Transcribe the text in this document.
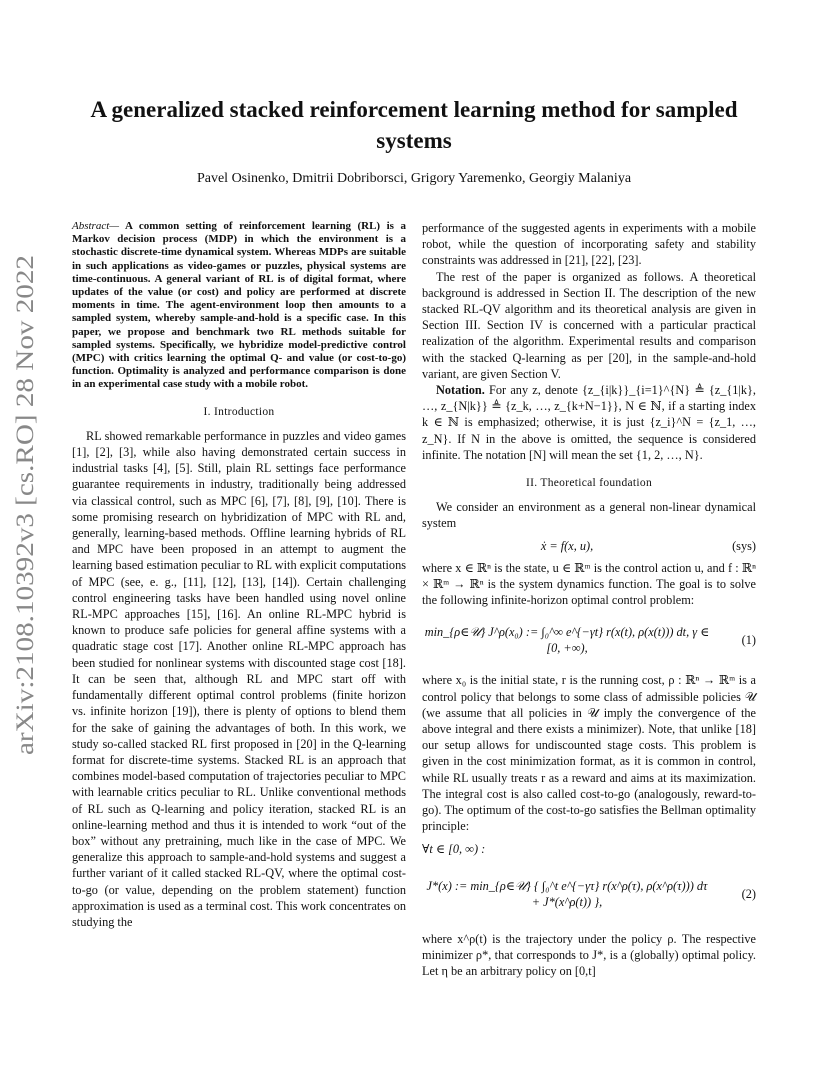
arXiv:2108.10392v3 [cs.RO] 28 Nov 2022
A generalized stacked reinforcement learning method for sampled
systems
Pavel Osinenko, Dmitrii Dobriborsci, Grigory Yaremenko, Georgiy Malaniya
Abstract— A common setting of reinforcement learning (RL) is a Markov decision process (MDP) in which the environment is a stochastic discrete-time dynamical system. Whereas MDPs are suitable in such applications as video-games or puzzles, physical systems are time-continuous. A general variant of RL is of digital format, where updates of the value (or cost) and policy are performed at discrete moments in time. The agent-environment loop then amounts to a sampled system, whereby sample-and-hold is a specific case. In this paper, we propose and benchmark two RL methods suitable for sampled systems. Specifically, we hybridize model-predictive control (MPC) with critics learning the optimal Q- and value (or cost-to-go) function. Optimality is analyzed and performance comparison is done in an experimental case study with a mobile robot.
I. Introduction

RL showed remarkable performance in puzzles and video games [1], [2], [3], while also having demonstrated certain success in industrial tasks [4], [5]. Still, plain RL settings face performance guarantee requirements in industry, traditionally being addressed via classical control, such as MPC [6], [7], [8], [9], [10]. There is some promising research on hybridization of MPC with RL and, generally, learning-based methods. Offline learning hybrids of RL and MPC have been proposed in an attempt to augment the learning based estimation peculiar to RL with explicit computations of MPC (see, e. g., [11], [12], [13], [14]). Certain challenging control engineering tasks have been handled using novel online RL-MPC approaches [15], [16]. An online RL-MPC hybrid is known to produce safe policies for general affine systems with a quadratic stage cost [17]. Another online RL-MPC approach has been studied for nonlinear systems with discounted stage cost [18]. It can be seen that, although RL and MPC start off with fundamentally different optimal control problems (finite horizon vs. infinite horizon [19]), there is plenty of options to blend them for the sake of gaining the advantages of both. In this work, we study so-called stacked RL first proposed in [20] in the Q-learning format for discrete-time systems. Stacked RL is an approach that combines model-based computation of trajectories peculiar to MPC with learnable critics peculiar to RL. Unlike conventional methods of RL such as Q-learning and policy iteration, stacked RL is an online-learning method and thus it is intended to work “out of the box” without any pretraining, much like in the case of MPC. We generalize this approach to sample-and-hold systems and suggest a further variant of it called stacked RL-QV, where the optimal cost-to-go (or value, depending on the problem statement) function approximation is used as a terminal cost. This work concentrates on studying the

performance of the suggested agents in experiments with a mobile robot, while the question of incorporating safety and stability constraints was addressed in [21], [22], [23].

The rest of the paper is organized as follows. A theoretical background is addressed in Section II. The description of the new stacked RL-QV algorithm and its theoretical analysis are given in Section III. Section IV is concerned with a particular practical realization of the algorithm. Experimental results and comparison with the stacked Q-learning as per [20], in the sample-and-hold variant, are given Section V.

Notation. For any z, denote {z_{i|k}}_{i=1}^{N} ≜ {z_{1|k}, …, z_{N|k}} ≜ {z_k, …, z_{k+N−1}}, N ∈ ℕ, if a starting index k ∈ ℕ is emphasized; otherwise, it is just {z_i}^N = {z_1, …, z_N}. If N in the above is omitted, the sequence is considered infinite. The notation [N] will mean the set {1, 2, …, N}.

II. Theoretical foundation

We consider an environment as a general non-linear dynamical system

ẋ = f(x, u),	(sys)

where x ∈ ℝⁿ is the state, u ∈ ℝᵐ is the control action u, and f : ℝⁿ × ℝᵐ → ℝⁿ is the system dynamics function. The goal is to solve the following infinite-horizon optimal control problem:

min_{ρ∈𝒰} J^ρ(x₀) := ∫₀^∞ e^{−γt} r(x(t), ρ(x(t))) dt, γ ∈ [0, +∞),
(1)

where x₀ is the initial state, r is the running cost, ρ : ℝⁿ → ℝᵐ is a control policy that belongs to some class of admissible policies 𝒰 (we assume that all policies in 𝒰 imply the convergence of the above integral and there exists a minimizer). Note, that unlike [18] our setup allows for undiscounted stage costs. This problem is given in the cost minimization format, as it is common in control, while RL usually treats r as a reward and aims at its maximization. The integral cost is also called cost-to-go (analogously, reward-to-go). The optimum of the cost-to-go satisfies the Bellman optimality principle:

∀t ∈ [0, ∞) :
J*(x) := min_{ρ∈𝒰} { ∫₀^t e^{−γτ} r(x^ρ(τ), ρ(x^ρ(τ))) dτ + J*(x^ρ(t)) },
(2)

where x^ρ(t) is the trajectory under the policy ρ. The respective minimizer ρ*, that corresponds to J*, is a (globally) optimal policy. Let η be an arbitrary policy on [0,t]
